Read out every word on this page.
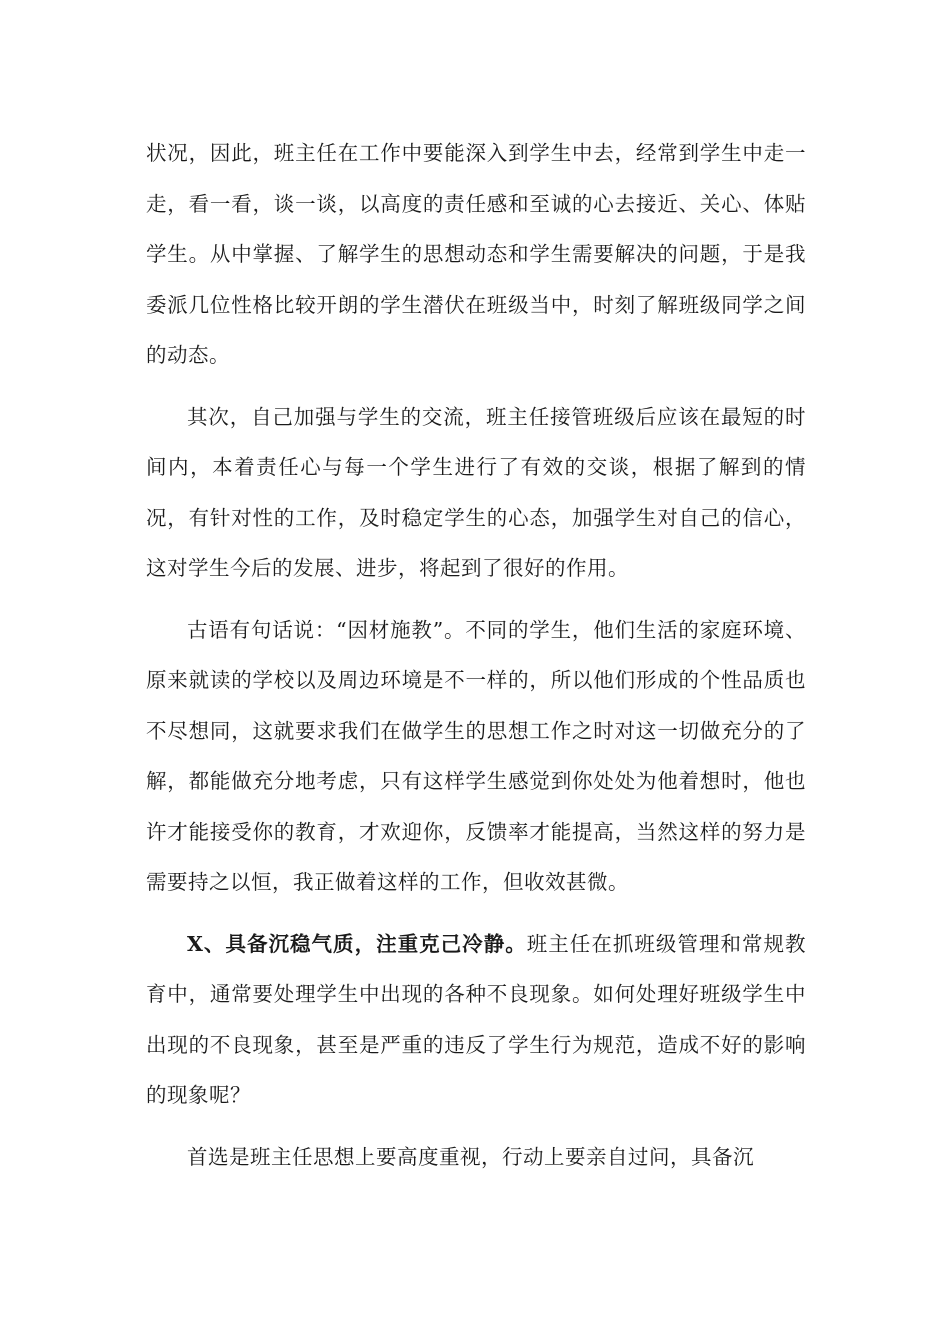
状况，因此，班主任在工作中要能深入到学生中去，经常到学生中走一走，看一看，谈一谈，以高度的责任感和至诚的心去接近、关心、体贴学生。从中掌握、了解学生的思想动态和学生需要解决的问题，于是我委派几位性格比较开朗的学生潜伏在班级当中，时刻了解班级同学之间的动态。

其次，自己加强与学生的交流，班主任接管班级后应该在最短的时间内，本着责任心与每一个学生进行了有效的交谈，根据了解到的情况，有针对性的工作，及时稳定学生的心态，加强学生对自己的信心，这对学生今后的发展、进步，将起到了很好的作用。

古语有句话说：“因材施教”。不同的学生，他们生活的家庭环境、原来就读的学校以及周边环境是不一样的，所以他们形成的个性品质也不尽想同，这就要求我们在做学生的思想工作之时对这一切做充分的了解，都能做充分地考虑，只有这样学生感觉到你处处为他着想时，他也许才能接受你的教育，才欢迎你，反馈率才能提高，当然这样的努力是需要持之以恒，我正做着这样的工作，但收效甚微。

X、具备沉稳气质，注重克己冷静。班主任在抓班级管理和常规教育中，通常要处理学生中出现的各种不良现象。如何处理好班级学生中出现的不良现象，甚至是严重的违反了学生行为规范，造成不好的影响的现象呢？

首选是班主任思想上要高度重视，行动上要亲自过问，具备沉
